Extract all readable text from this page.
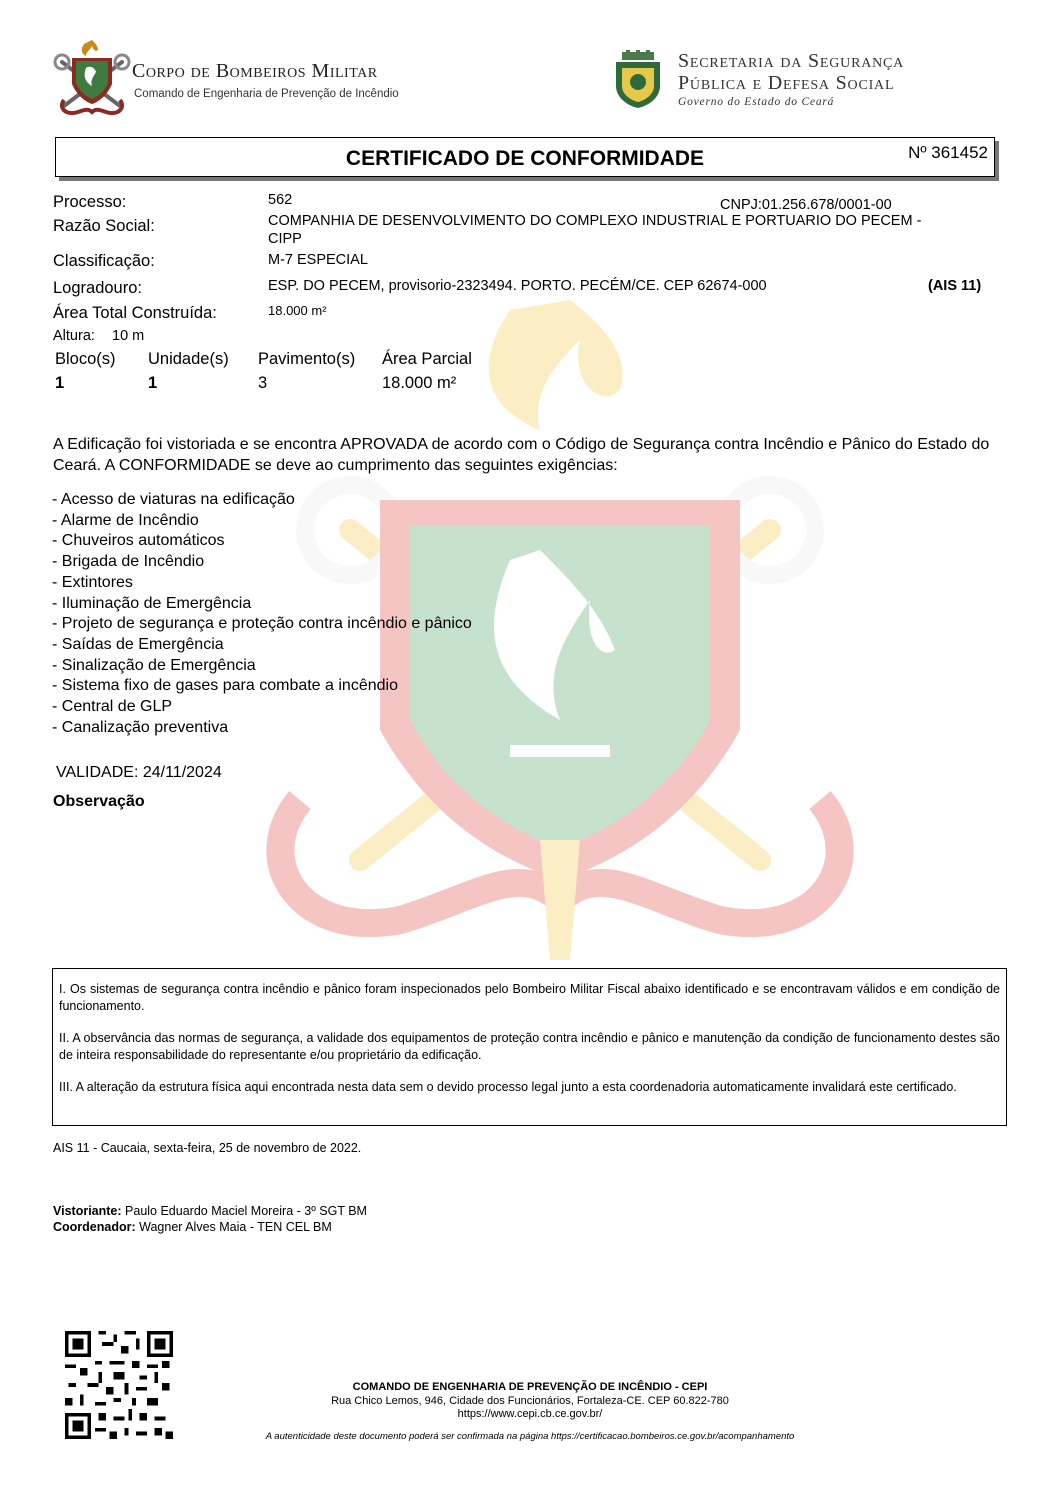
Corpo de Bombeiros Militar
Comando de Engenharia de Prevenção de Incêndio
Secretaria da Segurança
Pública e Defesa Social
Governo do Estado do Ceará
CERTIFICADO DE CONFORMIDADE	Nº 361452
Processo:	562	CNPJ:01.256.678/0001-00
Razão Social:	COMPANHIA DE DESENVOLVIMENTO DO COMPLEXO INDUSTRIAL E PORTUARIO DO PECEM -
CIPP
Classificação:	M-7 ESPECIAL
Logradouro:	ESP. DO PECEM, provisorio-2323494. PORTO. PECÉM/CE. CEP 62674-000	(AIS 11)
Área Total Construída:	18.000 m²
Altura: 10 m
Bloco(s) Unidade(s) Pavimento(s) Área Parcial
1	1	3	18.000 m²
A Edificação foi vistoriada e se encontra APROVADA de acordo com o Código de Segurança contra Incêndio e Pânico do Estado do Ceará. A CONFORMIDADE se deve ao cumprimento das seguintes exigências:
- Acesso de viaturas na edificação
- Alarme de Incêndio
- Chuveiros automáticos
- Brigada de Incêndio
- Extintores
- Iluminação de Emergência
- Projeto de segurança e proteção contra incêndio e pânico
- Saídas de Emergência
- Sinalização de Emergência
- Sistema fixo de gases para combate a incêndio
- Central de GLP
- Canalização preventiva
VALIDADE: 24/11/2024
Observação

I. Os sistemas de segurança contra incêndio e pânico foram inspecionados pelo Bombeiro Militar Fiscal abaixo identificado e se encontravam válidos e em condição de funcionamento.

II. A observância das normas de segurança, a validade dos equipamentos de proteção contra incêndio e pânico e manutenção da condição de funcionamento destes são de inteira responsabilidade do representante e/ou proprietário da edificação.

III. A alteração da estrutura física aqui encontrada nesta data sem o devido processo legal junto a esta coordenadoria automaticamente invalidará este certificado.

AIS 11 - Caucaia, sexta-feira, 25 de novembro de 2022.
Vistoriante: Paulo Eduardo Maciel Moreira - 3º SGT BM
Coordenador: Wagner Alves Maia - TEN CEL BM
COMANDO DE ENGENHARIA DE PREVENÇÃO DE INCÊNDIO - CEPI
Rua Chico Lemos, 946, Cidade dos Funcionários, Fortaleza-CE. CEP 60.822-780
https://www.cepi.cb.ce.gov.br/
A autenticidade deste documento poderá ser confirmada na página https://certificacao.bombeiros.ce.gov.br/acompanhamento
